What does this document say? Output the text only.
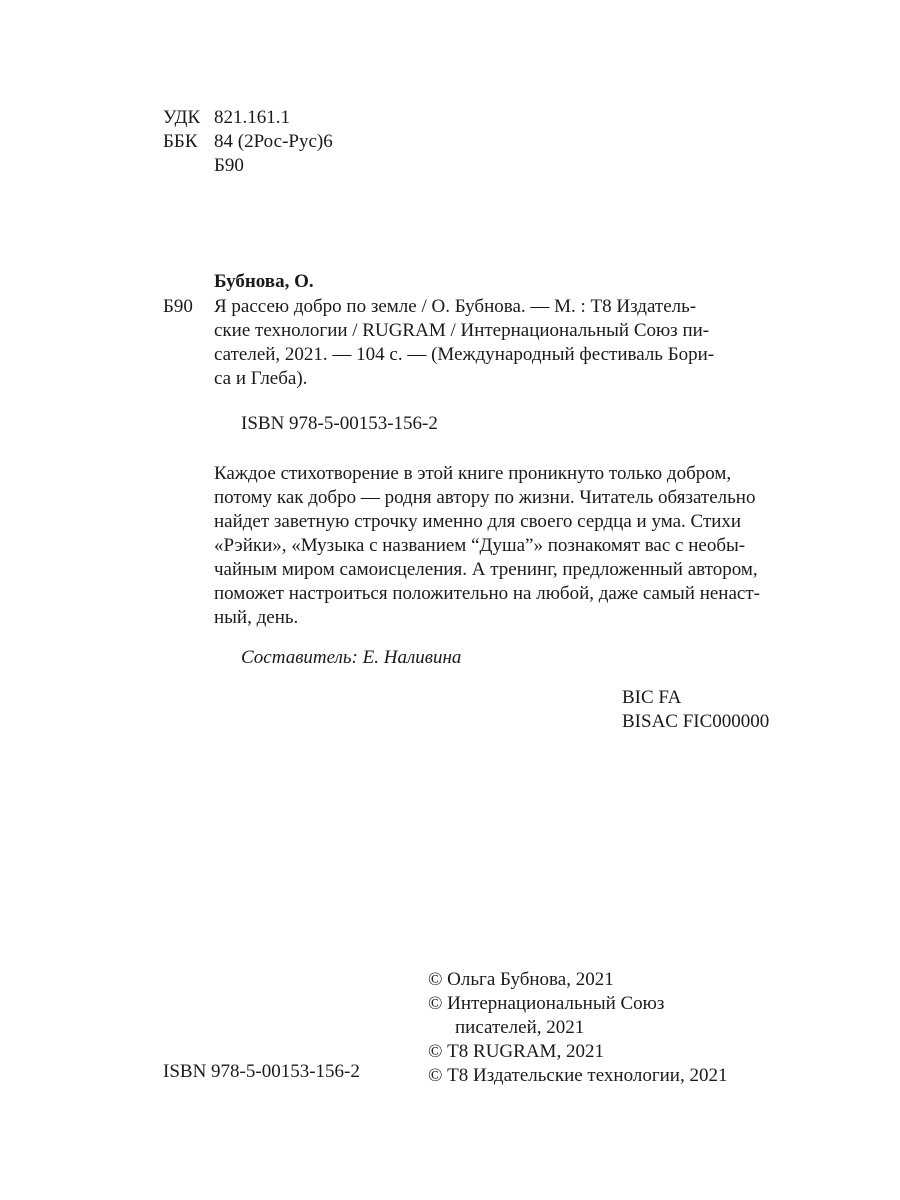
УДК 821.161.1
ББК 84 (2Рос-Рус)6
Б90
Бубнова, О.
Б90 Я рассею добро по земле / О. Бубнова. — М. : Т8 Издатель-
ские технологии / RUGRAM / Интернациональный Союз пи-
сателей, 2021. — 104 с. — (Международный фестиваль Бори-
са и Глеба).
ISBN 978-5-00153-156-2
Каждое стихотворение в этой книге проникнуто только добром,
потому как добро — родня автору по жизни. Читатель обязательно
найдет заветную строчку именно для своего сердца и ума. Стихи
«Рэйки», «Музыка с названием “Душа”» познакомят вас с необы-
чайным миром самоисцеления. А тренинг, предложенный автором,
поможет настроиться положительно на любой, даже самый ненаст-
ный, день.
Составитель: Е. Наливина
BIC FA
BISAC FIC000000
© Ольга Бубнова, 2021
© Интернациональный Союз
писателей, 2021
© Т8 RUGRAM, 2021
© Т8 Издательские технологии, 2021
ISBN 978-5-00153-156-2
